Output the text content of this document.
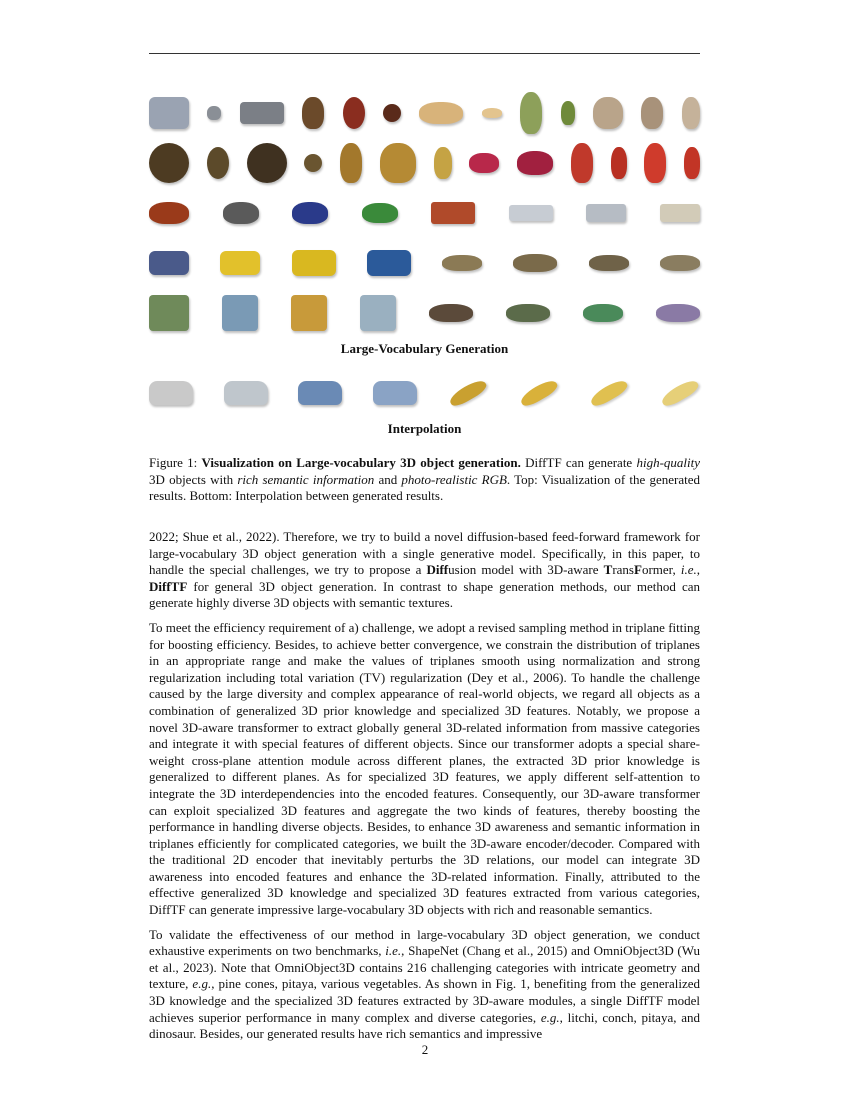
Large-Vocabulary Generation
Interpolation
Figure 1: Visualization on Large-vocabulary 3D object generation. DiffTF can generate high-quality 3D objects with rich semantic information and photo-realistic RGB. Top: Visualization of the generated results. Bottom: Interpolation between generated results.

2022; Shue et al., 2022). Therefore, we try to build a novel diffusion-based feed-forward framework for large-vocabulary 3D object generation with a single generative model. Specifically, in this paper, to handle the special challenges, we try to propose a Diffusion model with 3D-aware TransFormer, i.e., DiffTF for general 3D object generation. In contrast to shape generation methods, our method can generate highly diverse 3D objects with semantic textures.

To meet the efficiency requirement of a) challenge, we adopt a revised sampling method in triplane fitting for boosting efficiency. Besides, to achieve better convergence, we constrain the distribution of triplanes in an appropriate range and make the values of triplanes smooth using normalization and strong regularization including total variation (TV) regularization (Dey et al., 2006). To handle the challenge caused by the large diversity and complex appearance of real-world objects, we regard all objects as a combination of generalized 3D prior knowledge and specialized 3D features. Notably, we propose a novel 3D-aware transformer to extract globally general 3D-related information from massive categories and integrate it with special features of different objects. Since our transformer adopts a special share-weight cross-plane attention module across different planes, the extracted 3D prior knowledge is generalized to different planes. As for specialized 3D features, we apply different self-attention to integrate the 3D interdependencies into the encoded features. Consequently, our 3D-aware transformer can exploit specialized 3D features and aggregate the two kinds of features, thereby boosting the performance in handling diverse objects. Besides, to enhance 3D awareness and semantic information in triplanes efficiently for complicated categories, we built the 3D-aware encoder/decoder. Compared with the traditional 2D encoder that inevitably perturbs the 3D relations, our model can integrate 3D awareness into encoded features and enhance the 3D-related information. Finally, attributed to the effective generalized 3D knowledge and specialized 3D features extracted from various categories, DiffTF can generate impressive large-vocabulary 3D objects with rich and reasonable semantics.

To validate the effectiveness of our method in large-vocabulary 3D object generation, we conduct exhaustive experiments on two benchmarks, i.e., ShapeNet (Chang et al., 2015) and OmniObject3D (Wu et al., 2023). Note that OmniObject3D contains 216 challenging categories with intricate geometry and texture, e.g., pine cones, pitaya, various vegetables. As shown in Fig. 1, benefiting from the generalized 3D knowledge and the specialized 3D features extracted by 3D-aware modules, a single DiffTF model achieves superior performance in many complex and diverse categories, e.g., litchi, conch, pitaya, and dinosaur. Besides, our generated results have rich semantics and impressive

2
